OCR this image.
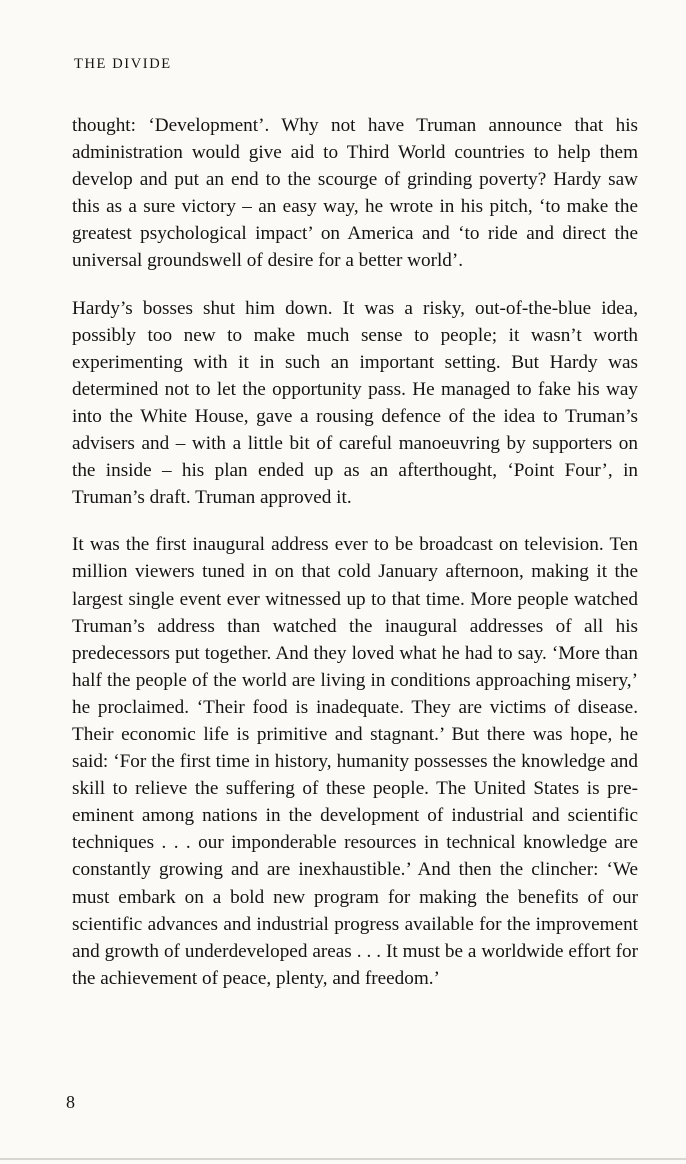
THE DIVIDE

thought: ‘Development’. Why not have Truman announce that his administration would give aid to Third World countries to help them develop and put an end to the scourge of grinding poverty? Hardy saw this as a sure victory – an easy way, he wrote in his pitch, ‘to make the greatest psychological impact’ on America and ‘to ride and direct the universal groundswell of desire for a better world’.

Hardy’s bosses shut him down. It was a risky, out-of-the-blue idea, possibly too new to make much sense to people; it wasn’t worth experimenting with it in such an important setting. But Hardy was determined not to let the opportunity pass. He managed to fake his way into the White House, gave a rousing defence of the idea to Truman’s advisers and – with a little bit of careful manoeuvring by supporters on the inside – his plan ended up as an afterthought, ‘Point Four’, in Truman’s draft. Truman approved it.

It was the first inaugural address ever to be broadcast on television. Ten million viewers tuned in on that cold January afternoon, making it the largest single event ever witnessed up to that time. More people watched Truman’s address than watched the inaugural addresses of all his predecessors put together. And they loved what he had to say. ‘More than half the people of the world are living in conditions approaching misery,’ he proclaimed. ‘Their food is inadequate. They are victims of disease. Their economic life is primitive and stagnant.’ But there was hope, he said: ‘For the first time in history, humanity possesses the knowledge and skill to relieve the suffering of these people. The United States is pre-eminent among nations in the development of industrial and scientific techniques . . . our imponderable resources in technical knowledge are constantly growing and are inexhaustible.’ And then the clincher: ‘We must embark on a bold new program for making the benefits of our scientific advances and industrial progress available for the improvement and growth of underdeveloped areas . . . It must be a worldwide effort for the achievement of peace, plenty, and freedom.’

8
